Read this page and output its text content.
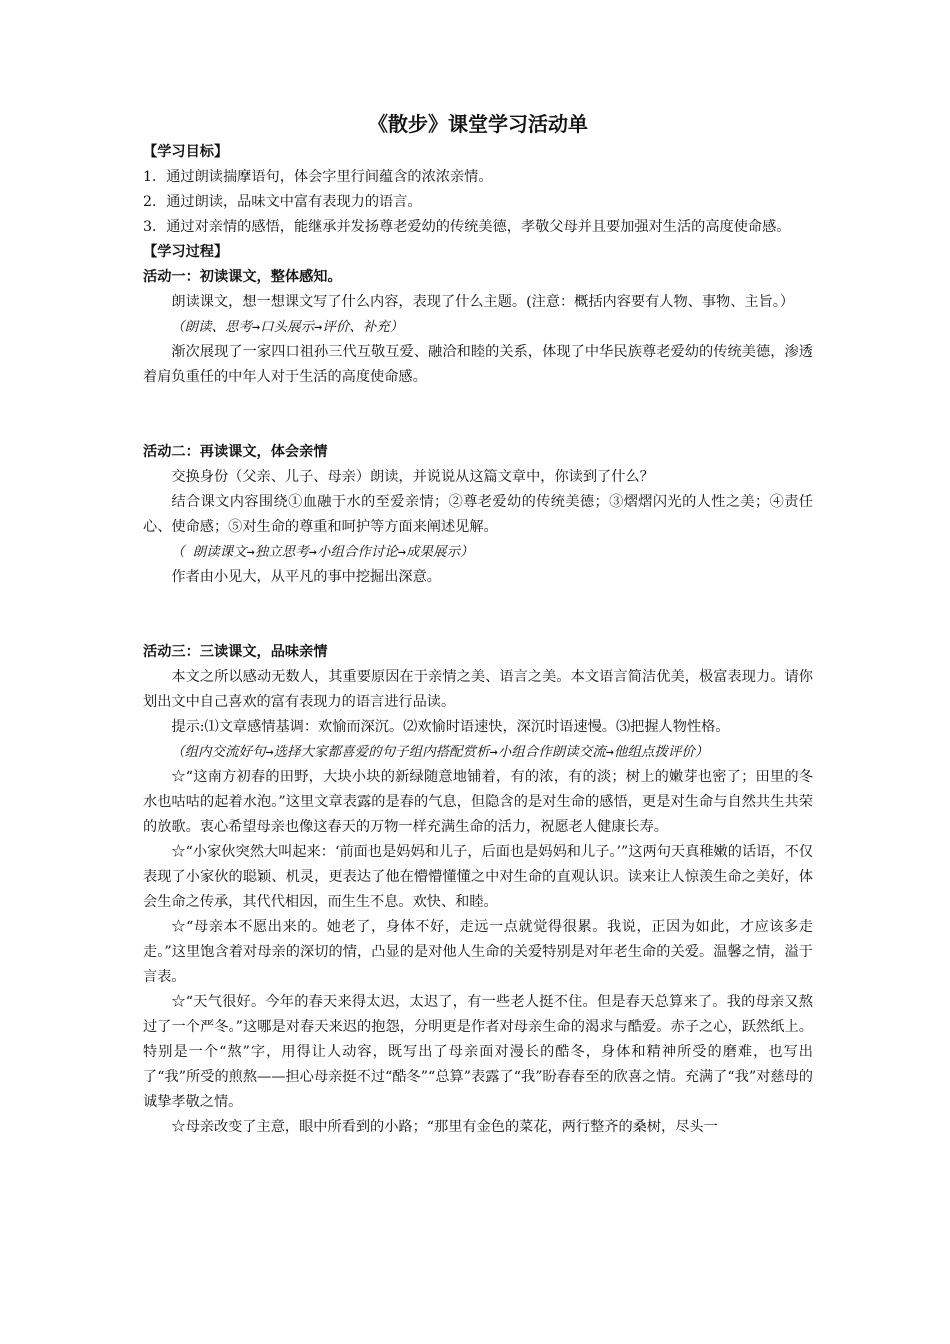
《散步》课堂学习活动单

【学习目标】

1．通过朗读揣摩语句，体会字里行间蕴含的浓浓亲情。

2．通过朗读，品味文中富有表现力的语言。

3．通过对亲情的感悟，能继承并发扬尊老爱幼的传统美德，孝敬父母并且要加强对生活的高度使命感。

【学习过程】

活动一：初读课文，整体感知。

朗读课文，想一想课文写了什么内容，表现了什么主题。(注意：概括内容要有人物、事物、主旨。）

（朗读、思考→口头展示→评价、补充）

渐次展现了一家四口祖孙三代互敬互爱、融洽和睦的关系，体现了中华民族尊老爱幼的传统美德，渗透着肩负重任的中年人对于生活的高度使命感。

活动二：再读课文，体会亲情

交换身份（父亲、儿子、母亲）朗读，并说说从这篇文章中，你读到了什么？

结合课文内容围绕①血融于水的至爱亲情；②尊老爱幼的传统美德；③熠熠闪光的人性之美；④责任心、使命感；⑤对生命的尊重和呵护等方面来阐述见解。

（ 朗读课文→独立思考→小组合作讨论→成果展示）

作者由小见大，从平凡的事中挖掘出深意。

活动三：三读课文，品味亲情

本文之所以感动无数人，其重要原因在于亲情之美、语言之美。本文语言简洁优美，极富表现力。请你划出文中自己喜欢的富有表现力的语言进行品读。

提示:⑴文章感情基调：欢愉而深沉。⑵欢愉时语速快，深沉时语速慢。⑶把握人物性格。

（组内交流好句→选择大家都喜爱的句子组内搭配赏析→小组合作朗读交流→他组点拨评价）

☆“这南方初春的田野，大块小块的新绿随意地铺着，有的浓，有的淡；树上的嫩芽也密了；田里的冬水也咕咕的起着水泡。”这里文章表露的是春的气息，但隐含的是对生命的感悟，更是对生命与自然共生共荣的放歌。衷心希望母亲也像这春天的万物一样充满生命的活力，祝愿老人健康长寿。

☆“小家伙突然大叫起来：‘前面也是妈妈和儿子，后面也是妈妈和儿子。’”这两句天真稚嫩的话语，不仅表现了小家伙的聪颖、机灵，更表达了他在懵懵懂懂之中对生命的直观认识。读来让人惊羡生命之美好，体会生命之传承，其代代相因，而生生不息。欢快、和睦。

☆“母亲本不愿出来的。她老了，身体不好，走远一点就觉得很累。我说，正因为如此，才应该多走走。”这里饱含着对母亲的深切的情，凸显的是对他人生命的关爱特别是对年老生命的关爱。温馨之情，溢于言表。

☆“天气很好。今年的春天来得太迟，太迟了，有一些老人挺不住。但是春天总算来了。我的母亲又熬过了一个严冬。”这哪是对春天来迟的抱怨，分明更是作者对母亲生命的渴求与酷爱。赤子之心，跃然纸上。特别是一个“熬”字，用得让人动容，既写出了母亲面对漫长的酷冬，身体和精神所受的磨难，也写出了“我”所受的煎熬——担心母亲挺不过“酷冬”“总算”表露了“我”盼春春至的欣喜之情。充满了“我”对慈母的诚挚孝敬之情。

☆母亲改变了主意，眼中所看到的小路；“那里有金色的菜花，两行整齐的桑树，尽头一
